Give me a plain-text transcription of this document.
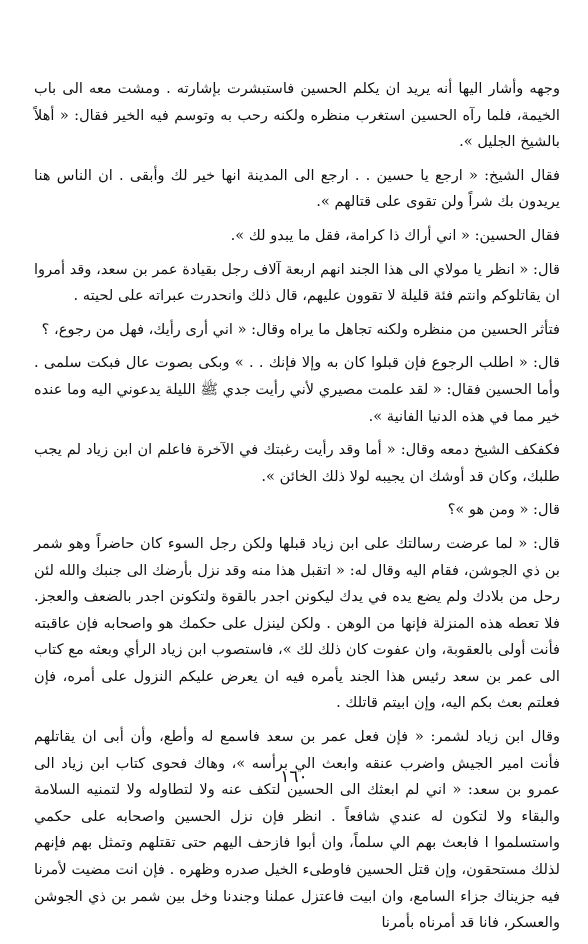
وجهه وأشار اليها أنه يريد ان يكلم الحسين فاستبشرت بإشارته . ومشت معه الى باب الخيمة، فلما رآه الحسين استغرب منظره ولكنه رحب به وتوسم فيه الخير فقال: « أهلاً بالشيخ الجليل ».

فقال الشيخ: « ارجع يا حسين . . ارجع الى المدينة انها خير لك وأبقى . ان الناس هنا يريدون بك شراً ولن تقوى على قتالهم ».

فقال الحسين: « اني أراك ذا كرامة، فقل ما يبدو لك ».

قال: « انظر يا مولاي الى هذا الجند انهم اربعة آلاف رجل بقيادة عمر بن سعد، وقد أمروا ان يقاتلوكم وانتم فئة قليلة لا تقوون عليهم، قال ذلك وانحدرت عبراته على لحيته .

فتأثر الحسين من منظره ولكنه تجاهل ما يراه وقال: « اني أرى رأيك، فهل من رجوع، ؟

قال: « اطلب الرجوع فإن قبلوا كان به وإلا فإنك . . » وبكى بصوت عال فبكت سلمى . وأما الحسين فقال: « لقد علمت مصيري لأني رأيت جدي ﷺ الليلة يدعوني اليه وما عنده خير مما في هذه الدنيا الفانية ».

فكفكف الشيخ دمعه وقال: « أما وقد رأيت رغبتك في الآخرة فاعلم ان ابن زياد لم يجب طلبك، وكان قد أوشك ان يجيبه لولا ذلك الخائن ».

قال: « ومن هو »؟

قال: « لما عرضت رسالتك على ابن زياد قبلها ولكن رجل السوء كان حاضراً وهو شمر بن ذي الجوشن، فقام اليه وقال له: « اتقبل هذا منه وقد نزل بأرضك الى جنبك والله لئن رحل من بلادك ولم يضع يده في يدك ليكونن اجدر بالقوة ولتكونن اجدر بالضعف والعجز. فلا تعطه هذه المنزلة فإنها من الوهن . ولكن لينزل على حكمك هو واصحابه فإن عاقبته فأنت أولى بالعقوبة، وان عفوت كان ذلك لك »، فاستصوب ابن زياد الرأي وبعثه مع كتاب الى عمر بن سعد رئيس هذا الجند يأمره فيه ان يعرض عليكم النزول على أمره، فإن فعلتم بعث بكم اليه، وإن ابيتم قاتلك .

وقال ابن زياد لشمر: « فإن فعل عمر بن سعد فاسمع له وأطع، وأن أبى ان يقاتلهم فأنت امير الجيش واضرب عنقه وابعث الي برأسه »، وهاك فحوى كتاب ابن زياد الى عمرو بن سعد: « اني لم ابعثك الى الحسين لتكف عنه ولا لتطاوله ولا لتمنيه السلامة والبقاء ولا لتكون له عندي شافعاً . انظر فإن نزل الحسين واصحابه على حكمي واستسلموا ا فابعث بهم الي سلماً، وان أبوا فازحف اليهم حتى تقتلهم وتمثل بهم فإنهم لذلك مستحقون، وإن قتل الحسين فاوطىء الخيل صدره وظهره . فإن انت مضيت لأمرنا فيه جزيناك جزاء السامع، وان ابيت فاعتزل عملنا وجندنا وخل بين شمر بن ذي الجوشن والعسكر، فانا قد أمرناه بأمرنا

١٦٠
